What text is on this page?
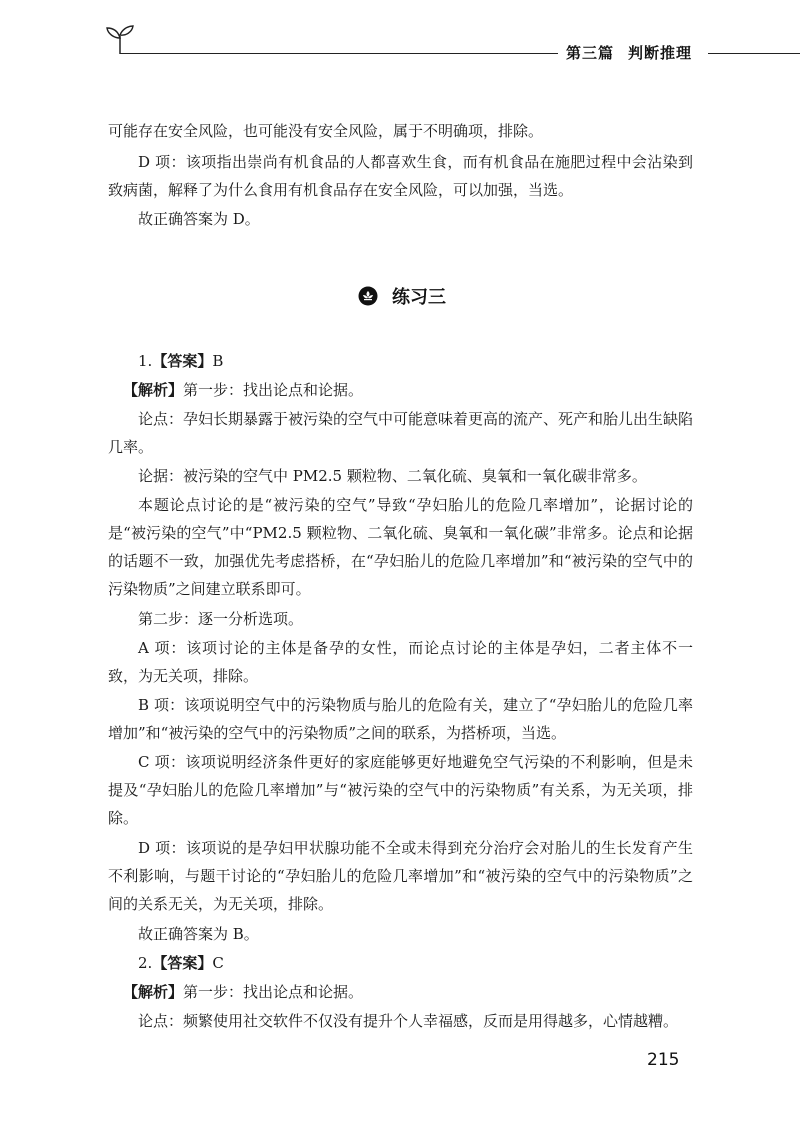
第三篇 判断推理

可能存在安全风险，也可能没有安全风险，属于不明确项，排除。

D 项：该项指出崇尚有机食品的人都喜欢生食，而有机食品在施肥过程中会沾染到致病菌，解释了为什么食用有机食品存在安全风险，可以加强，当选。

故正确答案为 D。

1.【答案】B

【解析】第一步：找出论点和论据。

论点：孕妇长期暴露于被污染的空气中可能意味着更高的流产、死产和胎儿出生缺陷几率。

论据：被污染的空气中 PM2.5 颗粒物、二氧化硫、臭氧和一氧化碳非常多。

本题论点讨论的是“被污染的空气”导致“孕妇胎儿的危险几率增加”，论据讨论的是“被污染的空气”中“PM2.5 颗粒物、二氧化硫、臭氧和一氧化碳”非常多。论点和论据的话题不一致，加强优先考虑搭桥，在“孕妇胎儿的危险几率增加”和“被污染的空气中的污染物质”之间建立联系即可。

第二步：逐一分析选项。

A 项：该项讨论的主体是备孕的女性，而论点讨论的主体是孕妇，二者主体不一致，为无关项，排除。

B 项：该项说明空气中的污染物质与胎儿的危险有关，建立了“孕妇胎儿的危险几率增加”和“被污染的空气中的污染物质”之间的联系，为搭桥项，当选。

C 项：该项说明经济条件更好的家庭能够更好地避免空气污染的不利影响，但是未提及“孕妇胎儿的危险几率增加”与“被污染的空气中的污染物质”有关系，为无关项，排除。

D 项：该项说的是孕妇甲状腺功能不全或未得到充分治疗会对胎儿的生长发育产生不利影响，与题干讨论的“孕妇胎儿的危险几率增加”和“被污染的空气中的污染物质”之间的关系无关，为无关项，排除。

故正确答案为 B。

2.【答案】C

【解析】第一步：找出论点和论据。

论点：频繁使用社交软件不仅没有提升个人幸福感，反而是用得越多，心情越糟。

练习三
215
